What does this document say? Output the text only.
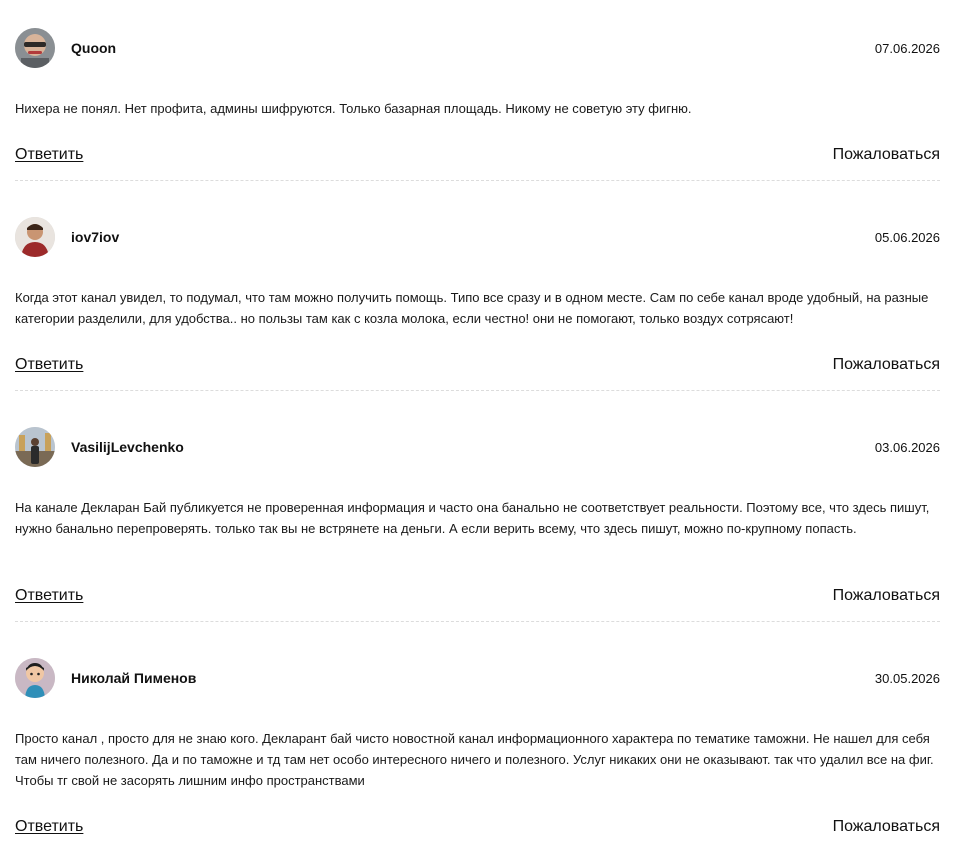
Quoon	07.06.2026

Нихера не понял. Нет профита, админы шифруются. Только базарная площадь. Никому не советую эту фигню.

Ответить	Пожаловаться
iov7iov	05.06.2026

Когда этот канал увидел, то подумал, что там можно получить помощь. Типо все сразу и в одном месте. Сам по себе канал вроде удобный, на разные категории разделили, для удобства.. но пользы там как с козла молока, если честно! они не помогают, только воздух сотрясают!

Ответить	Пожаловаться
VasilijLevchenko	03.06.2026

На канале Декларан Бай публикуется не проверенная информация и часто она банально не соответствует реальности. Поэтому все, что здесь пишут, нужно банально перепроверять. только так вы не встрянете на деньги. А если верить всему, что здесь пишут, можно по-крупному попасть.

Ответить	Пожаловаться
Николай Пименов	30.05.2026

Просто канал , просто для не знаю кого. Декларант бай чисто новостной канал информационного характера по тематике таможни. Не нашел для себя там ничего полезного. Да и по таможне и тд там нет особо интересного ничего и полезного. Услуг никаких они не оказывают. так что удалил все на фиг. Чтобы тг свой не засорять лишним инфо пространствами

Ответить	Пожаловаться
